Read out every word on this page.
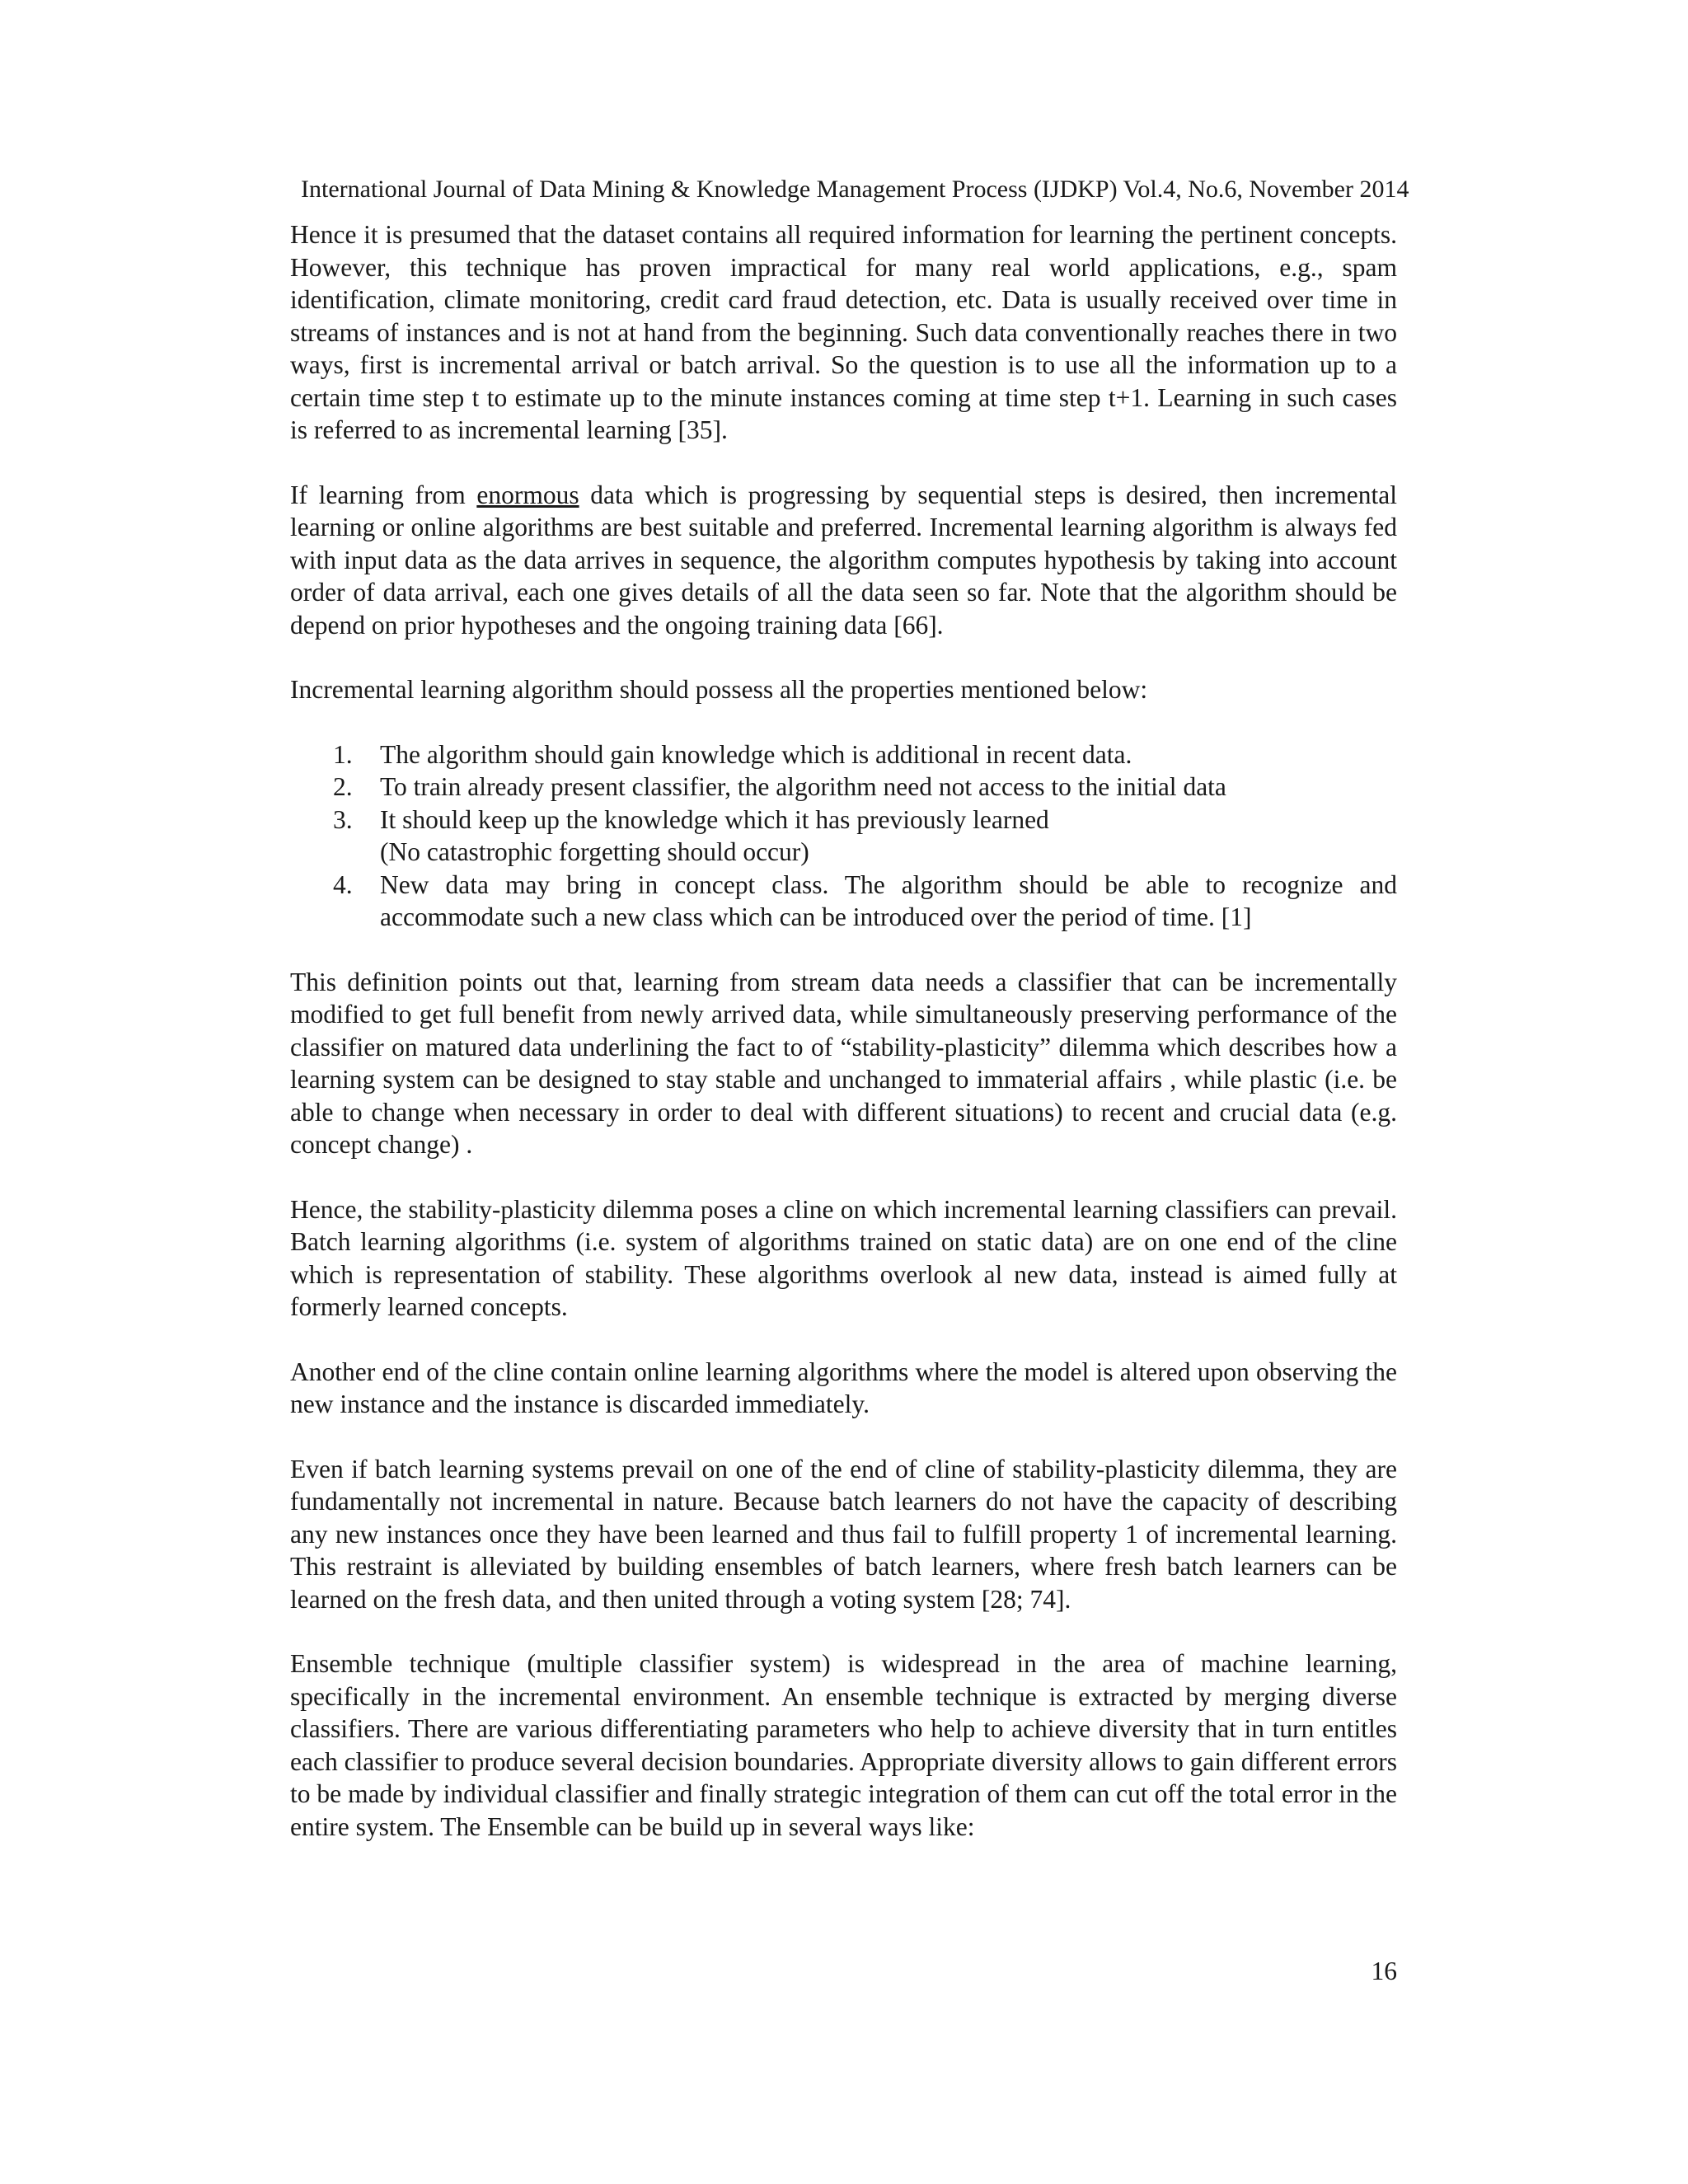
International Journal of Data Mining & Knowledge Management Process (IJDKP) Vol.4, No.6, November 2014

Hence it is presumed that the dataset contains all required information for learning the pertinent concepts. However, this technique has proven impractical for many real world applications, e.g., spam identification, climate monitoring, credit card fraud detection, etc. Data is usually received over time in streams of instances and is not at hand from the beginning. Such data conventionally reaches there in two ways, first is incremental arrival or batch arrival. So the question is to use all the information up to a certain time step t to estimate up to the minute instances coming at time step t+1. Learning in such cases is referred to as incremental learning [35].

If learning from enormous data which is progressing by sequential steps is desired, then incremental learning or online algorithms are best suitable and preferred. Incremental learning algorithm is always fed with input data as the data arrives in sequence, the algorithm computes hypothesis by taking into account order of data arrival, each one gives details of all the data seen so far. Note that the algorithm should be depend on prior hypotheses and the ongoing training data [66].

Incremental learning algorithm should possess all the properties mentioned below:

1. The algorithm should gain knowledge which is additional in recent data.
2. To train already present classifier, the algorithm need not access to the initial data
3. It should keep up the knowledge which it has previously learned
(No catastrophic forgetting should occur)
4. New data may bring in concept class. The algorithm should be able to recognize and accommodate such a new class which can be introduced over the period of time. [1]

This definition points out that, learning from stream data needs a classifier that can be incrementally modified to get full benefit from newly arrived data, while simultaneously preserving performance of the classifier on matured data underlining the fact to of “stability-plasticity” dilemma which describes how a learning system can be designed to stay stable and unchanged to immaterial affairs , while plastic (i.e. be able to change when necessary in order to deal with different situations) to recent and crucial data (e.g. concept change) .

Hence, the stability-plasticity dilemma poses a cline on which incremental learning classifiers can prevail. Batch learning algorithms (i.e. system of algorithms trained on static data) are on one end of the cline which is representation of stability. These algorithms overlook al new data, instead is aimed fully at formerly learned concepts.

Another end of the cline contain online learning algorithms where the model is altered upon observing the new instance and the instance is discarded immediately.

Even if batch learning systems prevail on one of the end of cline of stability-plasticity dilemma, they are fundamentally not incremental in nature. Because batch learners do not have the capacity of describing any new instances once they have been learned and thus fail to fulfill property 1 of incremental learning. This restraint is alleviated by building ensembles of batch learners, where fresh batch learners can be learned on the fresh data, and then united through a voting system [28; 74].

Ensemble technique (multiple classifier system) is widespread in the area of machine learning, specifically in the incremental environment. An ensemble technique is extracted by merging diverse classifiers. There are various differentiating parameters who help to achieve diversity that in turn entitles each classifier to produce several decision boundaries. Appropriate diversity allows to gain different errors to be made by individual classifier and finally strategic integration of them can cut off the total error in the entire system. The Ensemble can be build up in several ways like:

16
